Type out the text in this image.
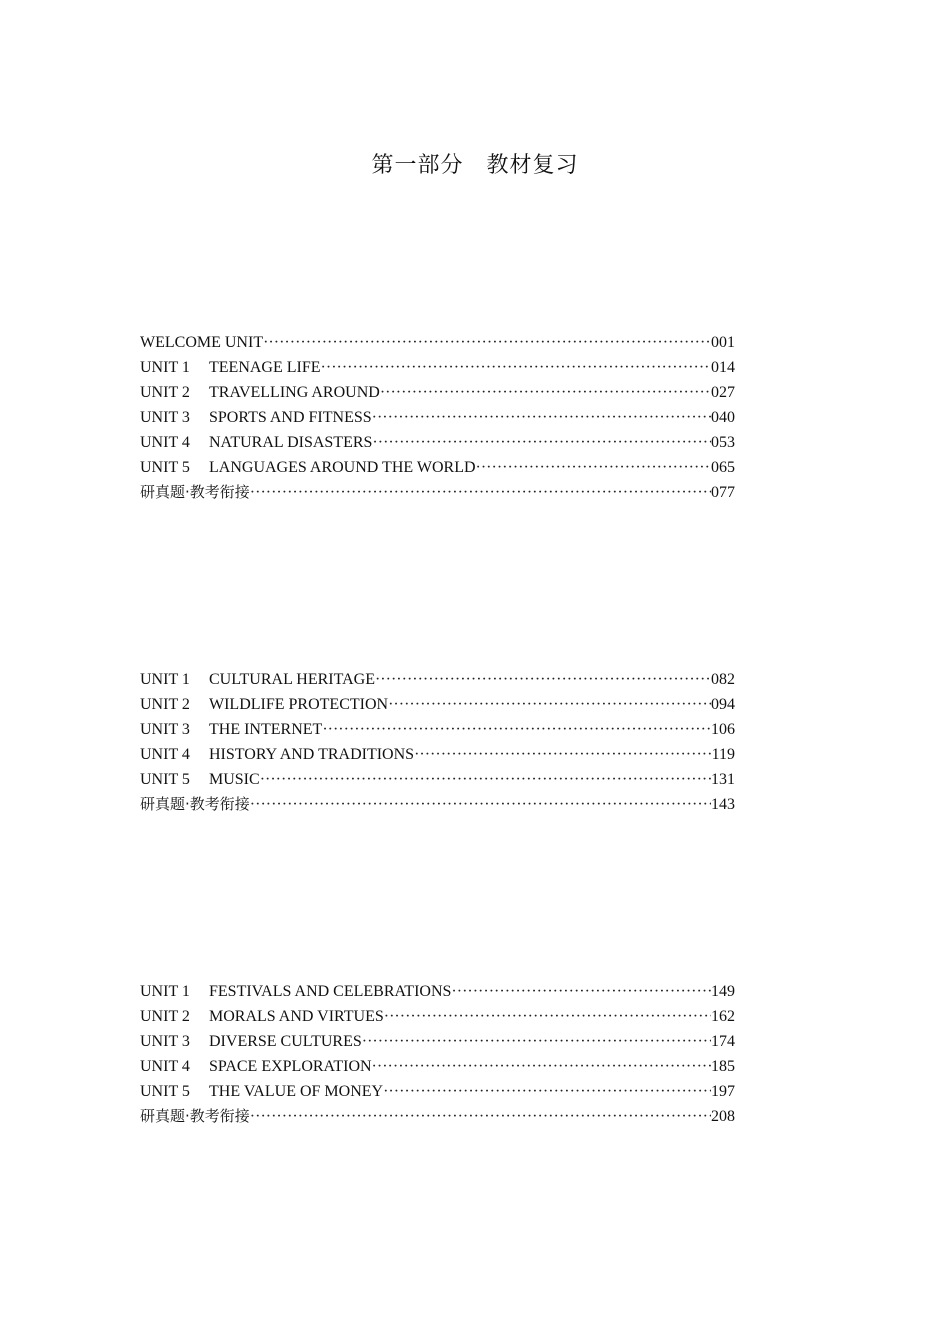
第一部分　教材复习
WELCOME UNIT ·····	001
UNIT 1	TEENAGE LIFE ·····	014
UNIT 2	TRAVELLING AROUND ·····	027
UNIT 3	SPORTS AND FITNESS ·····	040
UNIT 4	NATURAL DISASTERS ·····	053
UNIT 5	LANGUAGES AROUND THE WORLD ·····	065
研真题·教考衔接 ·····	077
UNIT 1	CULTURAL HERITAGE ·····	082
UNIT 2	WILDLIFE PROTECTION ·····	094
UNIT 3	THE INTERNET ·····	106
UNIT 4	HISTORY AND TRADITIONS ·····	119
UNIT 5	MUSIC ·····	131
研真题·教考衔接 ·····	143
UNIT 1	FESTIVALS AND CELEBRATIONS ·····	149
UNIT 2	MORALS AND VIRTUES ·····	162
UNIT 3	DIVERSE CULTURES ·····	174
UNIT 4	SPACE EXPLORATION ·····	185
UNIT 5	THE VALUE OF MONEY ·····	197
研真题·教考衔接 ·····	208
